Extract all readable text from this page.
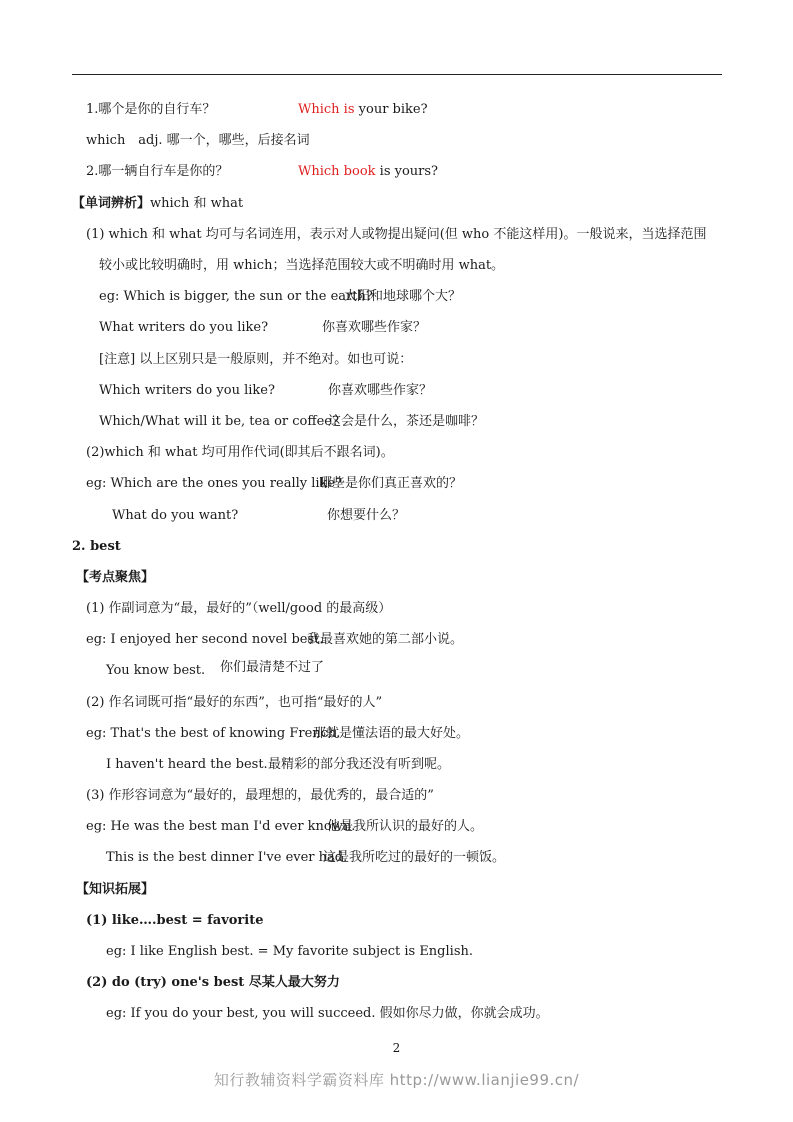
1.哪个是你的自行车？	Which is your bike?
which　adj. 哪一个，哪些，后接名词
2.哪一辆自行车是你的？	Which book is yours?
【单词辨析】which 和 what
(1) which 和 what 均可与名词连用，表示对人或物提出疑问(但 who 不能这样用)。一般说来，当选择范围
较小或比较明确时，用 which；当选择范围较大或不明确时用 what。
eg: Which is bigger, the sun or the earth?
太阳和地球哪个大？
What writers do you like?	你喜欢哪些作家？
[注意] 以上区别只是一般原则，并不绝对。如也可说：
Which writers do you like?	你喜欢哪些作家？
Which/What will it be, tea or coffee?
这会是什么，茶还是咖啡？
(2)which 和 what 均可用作代词(即其后不跟名词)。
eg: Which are the ones you really like?
哪些是你们真正喜欢的？
What do you want?	你想要什么？
2. best
【考点聚焦】
(1) 作副词意为“最，最好的”（well/good 的最高级）
eg: I enjoyed her second novel best.
我最喜欢她的第二部小说。
You know best. 你们最清楚不过了
(2) 作名词既可指“最好的东西”，也可指“最好的人”
eg: That's the best of knowing French.
那就是懂法语的最大好处。
I haven't heard the best. 最精彩的部分我还没有听到呢。
(3) 作形容词意为“最好的，最理想的，最优秀的，最合适的”
eg: He was the best man I'd ever known.
他是我所认识的最好的人。
This is the best dinner I've ever had.
这是我所吃过的最好的一顿饭。
【知识拓展】
(1) like….best = favorite
eg: I like English best. = My favorite subject is English.
(2) do (try) one's best 尽某人最大努力
eg: If you do your best, you will succeed. 假如你尽力做，你就会成功。
2
知行教辅资料学霸资料库 http://www.lianjie99.cn/
